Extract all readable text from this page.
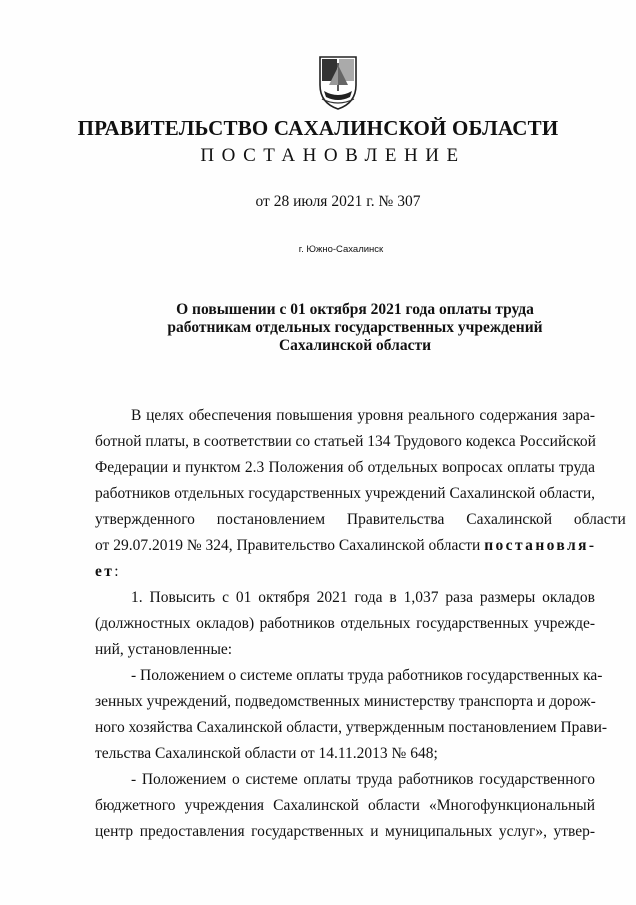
ПРАВИТЕЛЬСТВО САХАЛИНСКОЙ ОБЛАСТИ
ПОСТАНОВЛЕНИЕ
от 28 июля 2021 г. № 307
г. Южно-Сахалинск
О повышении с 01 октября 2021 года оплаты труда
работникам отдельных государственных учреждений
Сахалинской области
В целях обеспечения повышения уровня реального содержания зара-
ботной платы, в соответствии со статьей 134 Трудового кодекса Российской
Федерации и пунктом 2.3 Положения об отдельных вопросах оплаты труда
работников отдельных государственных учреждений Сахалинской области,
утвержденного постановлением Правительства Сахалинской области
от 29.07.2019 № 324, Правительство Сахалинской области постановля-
ет:
1. Повысить с 01 октября 2021 года в 1,037 раза размеры окладов
(должностных окладов) работников отдельных государственных учрежде-
ний, установленные:
- Положением о системе оплаты труда работников государственных ка-
зенных учреждений, подведомственных министерству транспорта и дорож-
ного хозяйства Сахалинской области, утвержденным постановлением Прави-
тельства Сахалинской области от 14.11.2013 № 648;
- Положением о системе оплаты труда работников государственного
бюджетного учреждения Сахалинской области «Многофункциональный
центр предоставления государственных и муниципальных услуг», утвер-
